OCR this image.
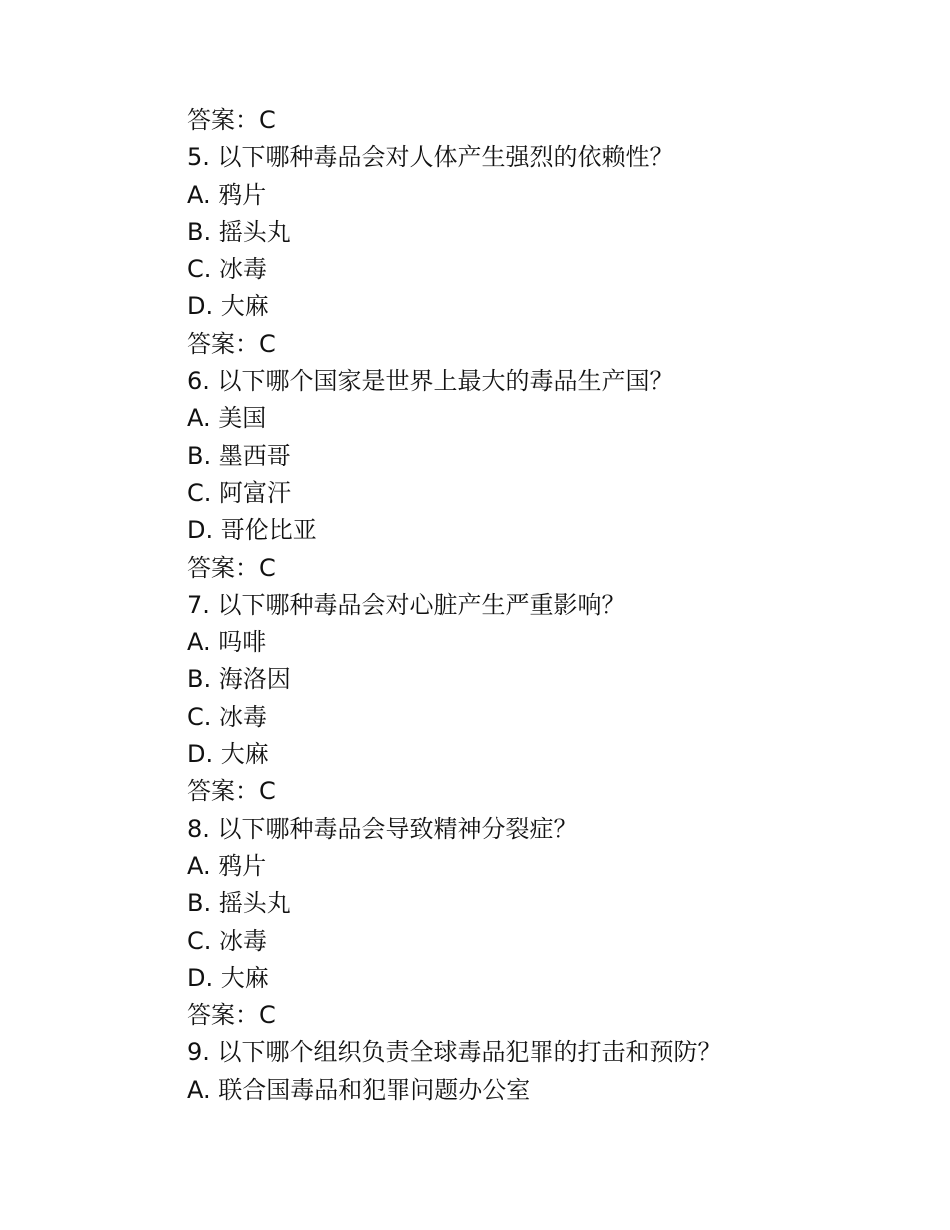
答案：C
5. 以下哪种毒品会对人体产生强烈的依赖性？
A. 鸦片
B. 摇头丸
C. 冰毒
D. 大麻
答案：C
6. 以下哪个国家是世界上最大的毒品生产国？
A. 美国
B. 墨西哥
C. 阿富汗
D. 哥伦比亚
答案：C
7. 以下哪种毒品会对心脏产生严重影响？
A. 吗啡
B. 海洛因
C. 冰毒
D. 大麻
答案：C
8. 以下哪种毒品会导致精神分裂症？
A. 鸦片
B. 摇头丸
C. 冰毒
D. 大麻
答案：C
9. 以下哪个组织负责全球毒品犯罪的打击和预防？
A. 联合国毒品和犯罪问题办公室
